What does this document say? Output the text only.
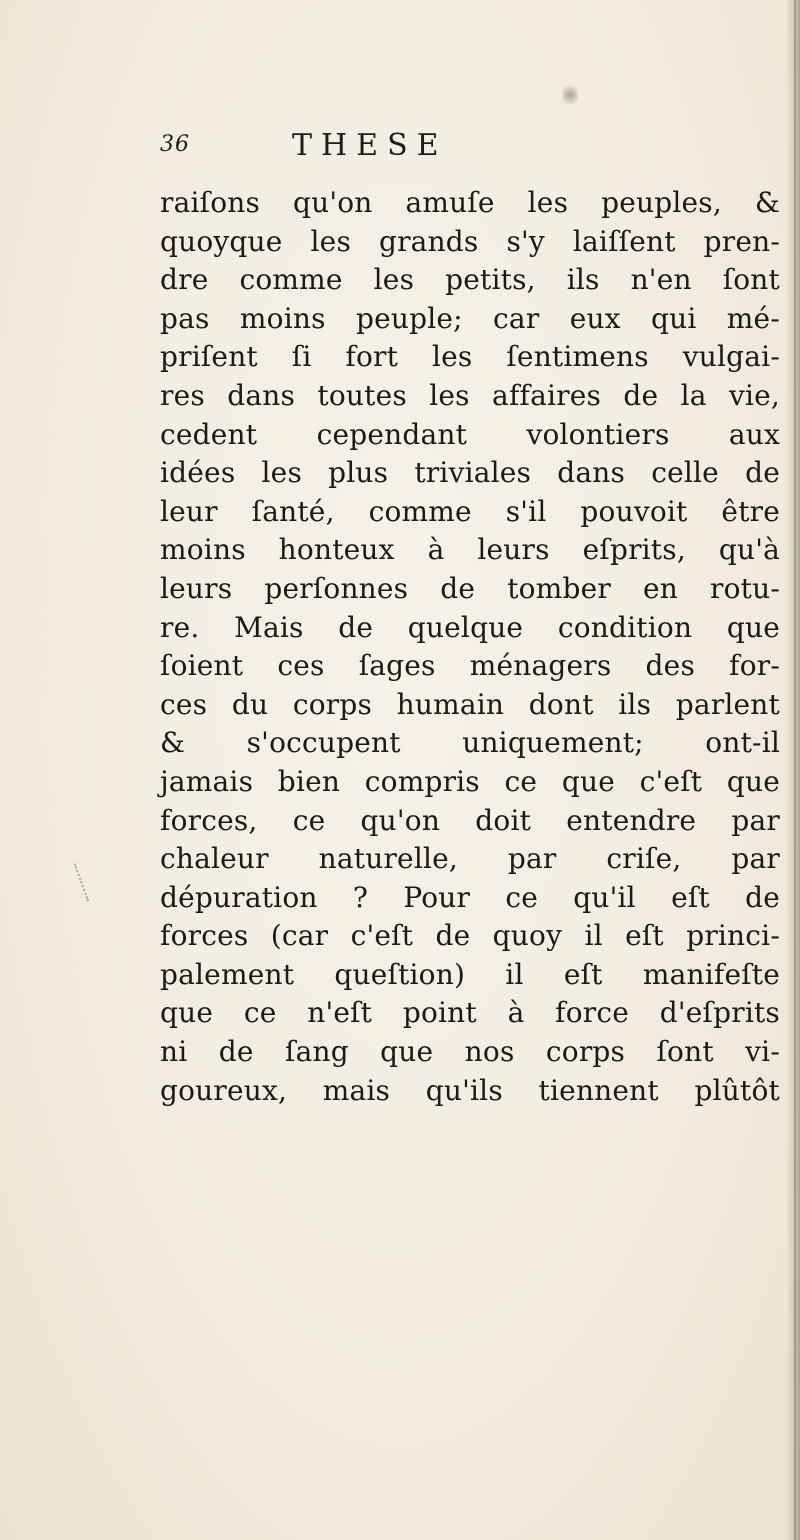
36	THESE
raiſons qu'on amuſe les peuples, &
quoyque les grands s'y laiſſent pren-
dre comme les petits, ils n'en ſont
pas moins peuple; car eux qui mé-
priſent ſi fort les ſentimens vulgai-
res dans toutes les affaires de la vie,
cedent cependant volontiers aux
idées les plus triviales dans celle de
leur ſanté, comme s'il pouvoit être
moins honteux à leurs eſprits, qu'à
leurs perſonnes de tomber en rotu-
re. Mais de quelque condition que
ſoient ces ſages ménagers des for-
ces du corps humain dont ils parlent
& s'occupent uniquement; ont-il
jamais bien compris ce que c'eſt que
forces, ce qu'on doit entendre par
chaleur naturelle, par criſe, par
dépuration ? Pour ce qu'il eſt de
forces (car c'eſt de quoy il eſt princi-
palement queſtion) il eſt manifeſte
que ce n'eſt point à force d'eſprits
ni de ſang que nos corps ſont vi-
goureux, mais qu'ils tiennent plûtôt
